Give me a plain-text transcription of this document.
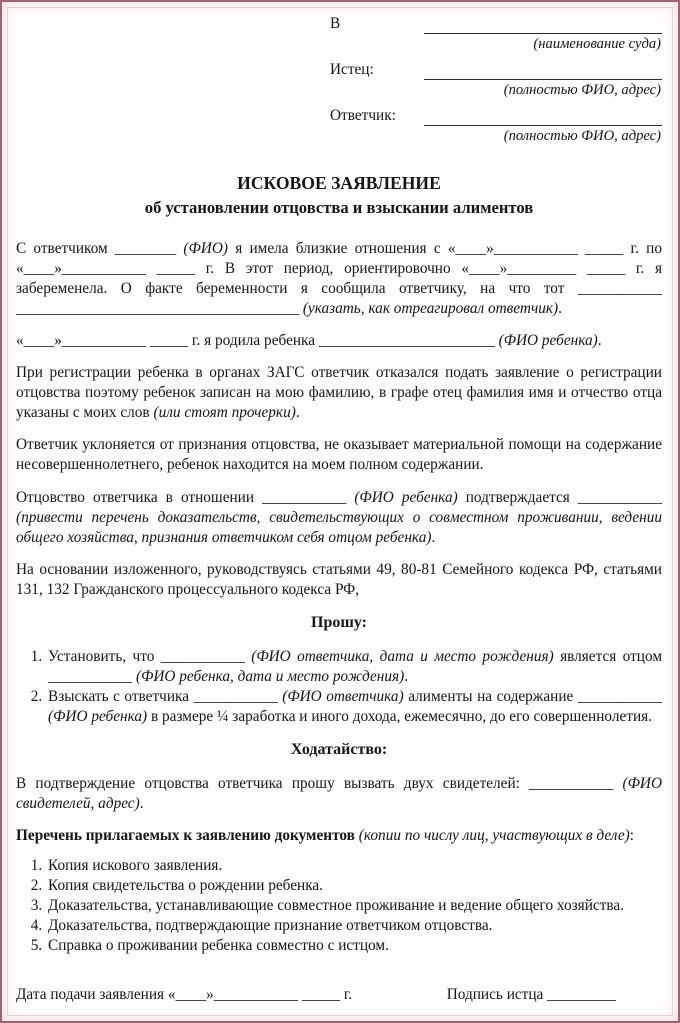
В
(наименование суда)
Истец:
(полностью ФИО, адрес)
Ответчик:
(полностью ФИО, адрес)
ИСКОВОЕ ЗАЯВЛЕНИЕ
об установлении отцовства и взыскании алиментов

С ответчиком ________ (ФИО) я имела близкие отношения с «____»___________ _____ г. по «____»___________ _____ г. В этот период, ориентировочно «____»_________ _____ г. я забеременела. О факте беременности я сообщила ответчику, на что тот ___________ _____________________________________ (указать, как отреагировал ответчик).

«____»___________ _____ г. я родила ребенка _______________________ (ФИО ребенка).

При регистрации ребенка в органах ЗАГС ответчик отказался подать заявление о регистрации отцовства поэтому ребенок записан на мою фамилию, в графе отец фамилия имя и отчество отца указаны с моих слов (или стоят прочерки).

Ответчик уклоняется от признания отцовства, не оказывает материальной помощи на содержание несовершеннолетнего, ребенок находится на моем полном содержании.

Отцовство ответчика в отношении ___________ (ФИО ребенка) подтверждается ___________ (привести перечень доказательств, свидетельствующих о совместном проживании, ведении общего хозяйства, признания ответчиком себя отцом ребенка).

На основании изложенного, руководствуясь статьями 49, 80-81 Семейного кодекса РФ, статьями 131, 132 Гражданского процессуального кодекса РФ,

Прошу:
1. Установить, что ___________ (ФИО ответчика, дата и место рождения) является отцом ___________ (ФИО ребенка, дата и место рождения).
2. Взыскать с ответчика ___________ (ФИО ответчика) алименты на содержание ___________ (ФИО ребенка) в размере ¼ заработка и иного дохода, ежемесячно, до его совершеннолетия.
Ходатайство:

В подтверждение отцовства ответчика прошу вызвать двух свидетелей: ___________ (ФИО свидетелей, адрес).

Перечень прилагаемых к заявлению документов (копии по числу лиц, участвующих в деле):

1. Копия искового заявления.
2. Копия свидетельства о рождении ребенка.
3. Доказательства, устанавливающие совместное проживание и ведение общего хозяйства.
4. Доказательства, подтверждающие признание ответчиком отцовства.
5. Справка о проживании ребенка совместно с истцом.
Дата подачи заявления «____»___________ _____ г.	Подпись истца _________
